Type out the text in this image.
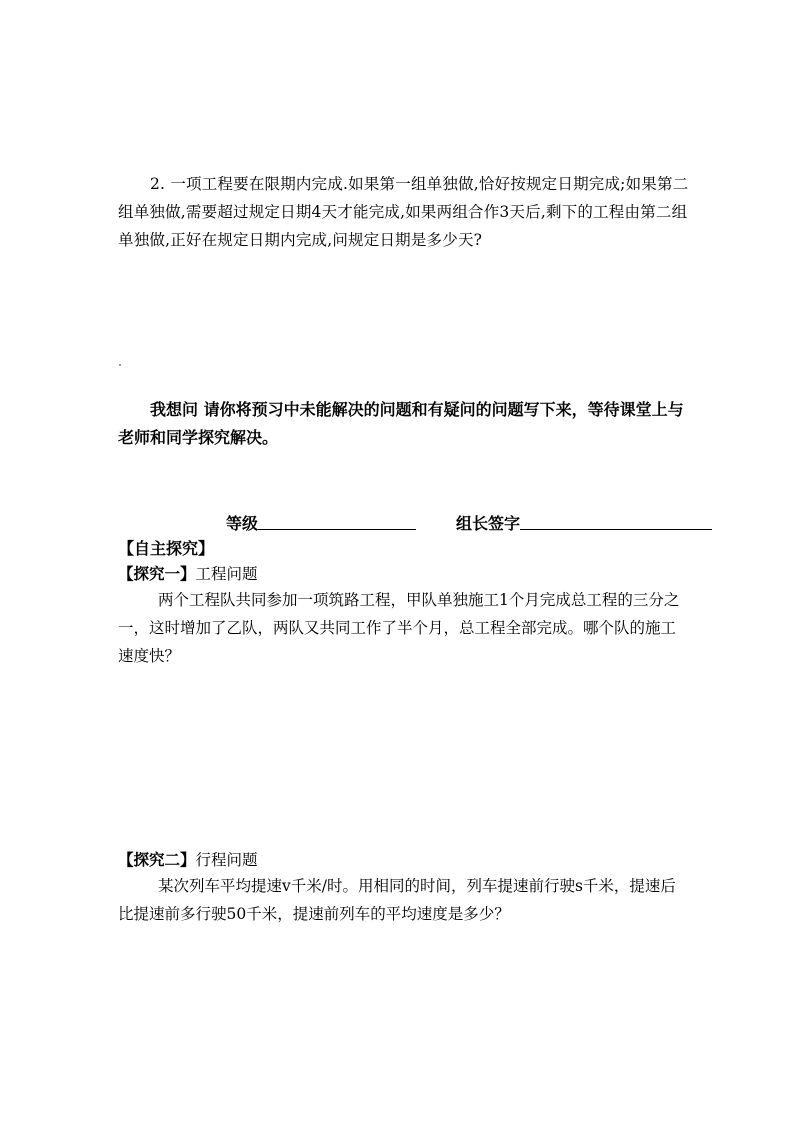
2. 一项工程要在限期内完成.如果第一组单独做,恰好按规定日期完成;如果第二组单独做,需要超过规定日期4天才能完成,如果两组合作3天后,剩下的工程由第二组单独做,正好在规定日期内完成,问规定日期是多少天?

我想问 请你将预习中未能解决的问题和有疑问的问题写下来，等待课堂上与老师和同学探究解决。

等级	组长签字
【自主探究】
【探究一】工程问题

两个工程队共同参加一项筑路工程，甲队单独施工1个月完成总工程的三分之一，这时增加了乙队，两队又共同工作了半个月，总工程全部完成。哪个队的施工速度快？

【探究二】行程问题

某次列车平均提速v千米/时。用相同的时间，列车提速前行驶s千米，提速后比提速前多行驶50千米，提速前列车的平均速度是多少？
